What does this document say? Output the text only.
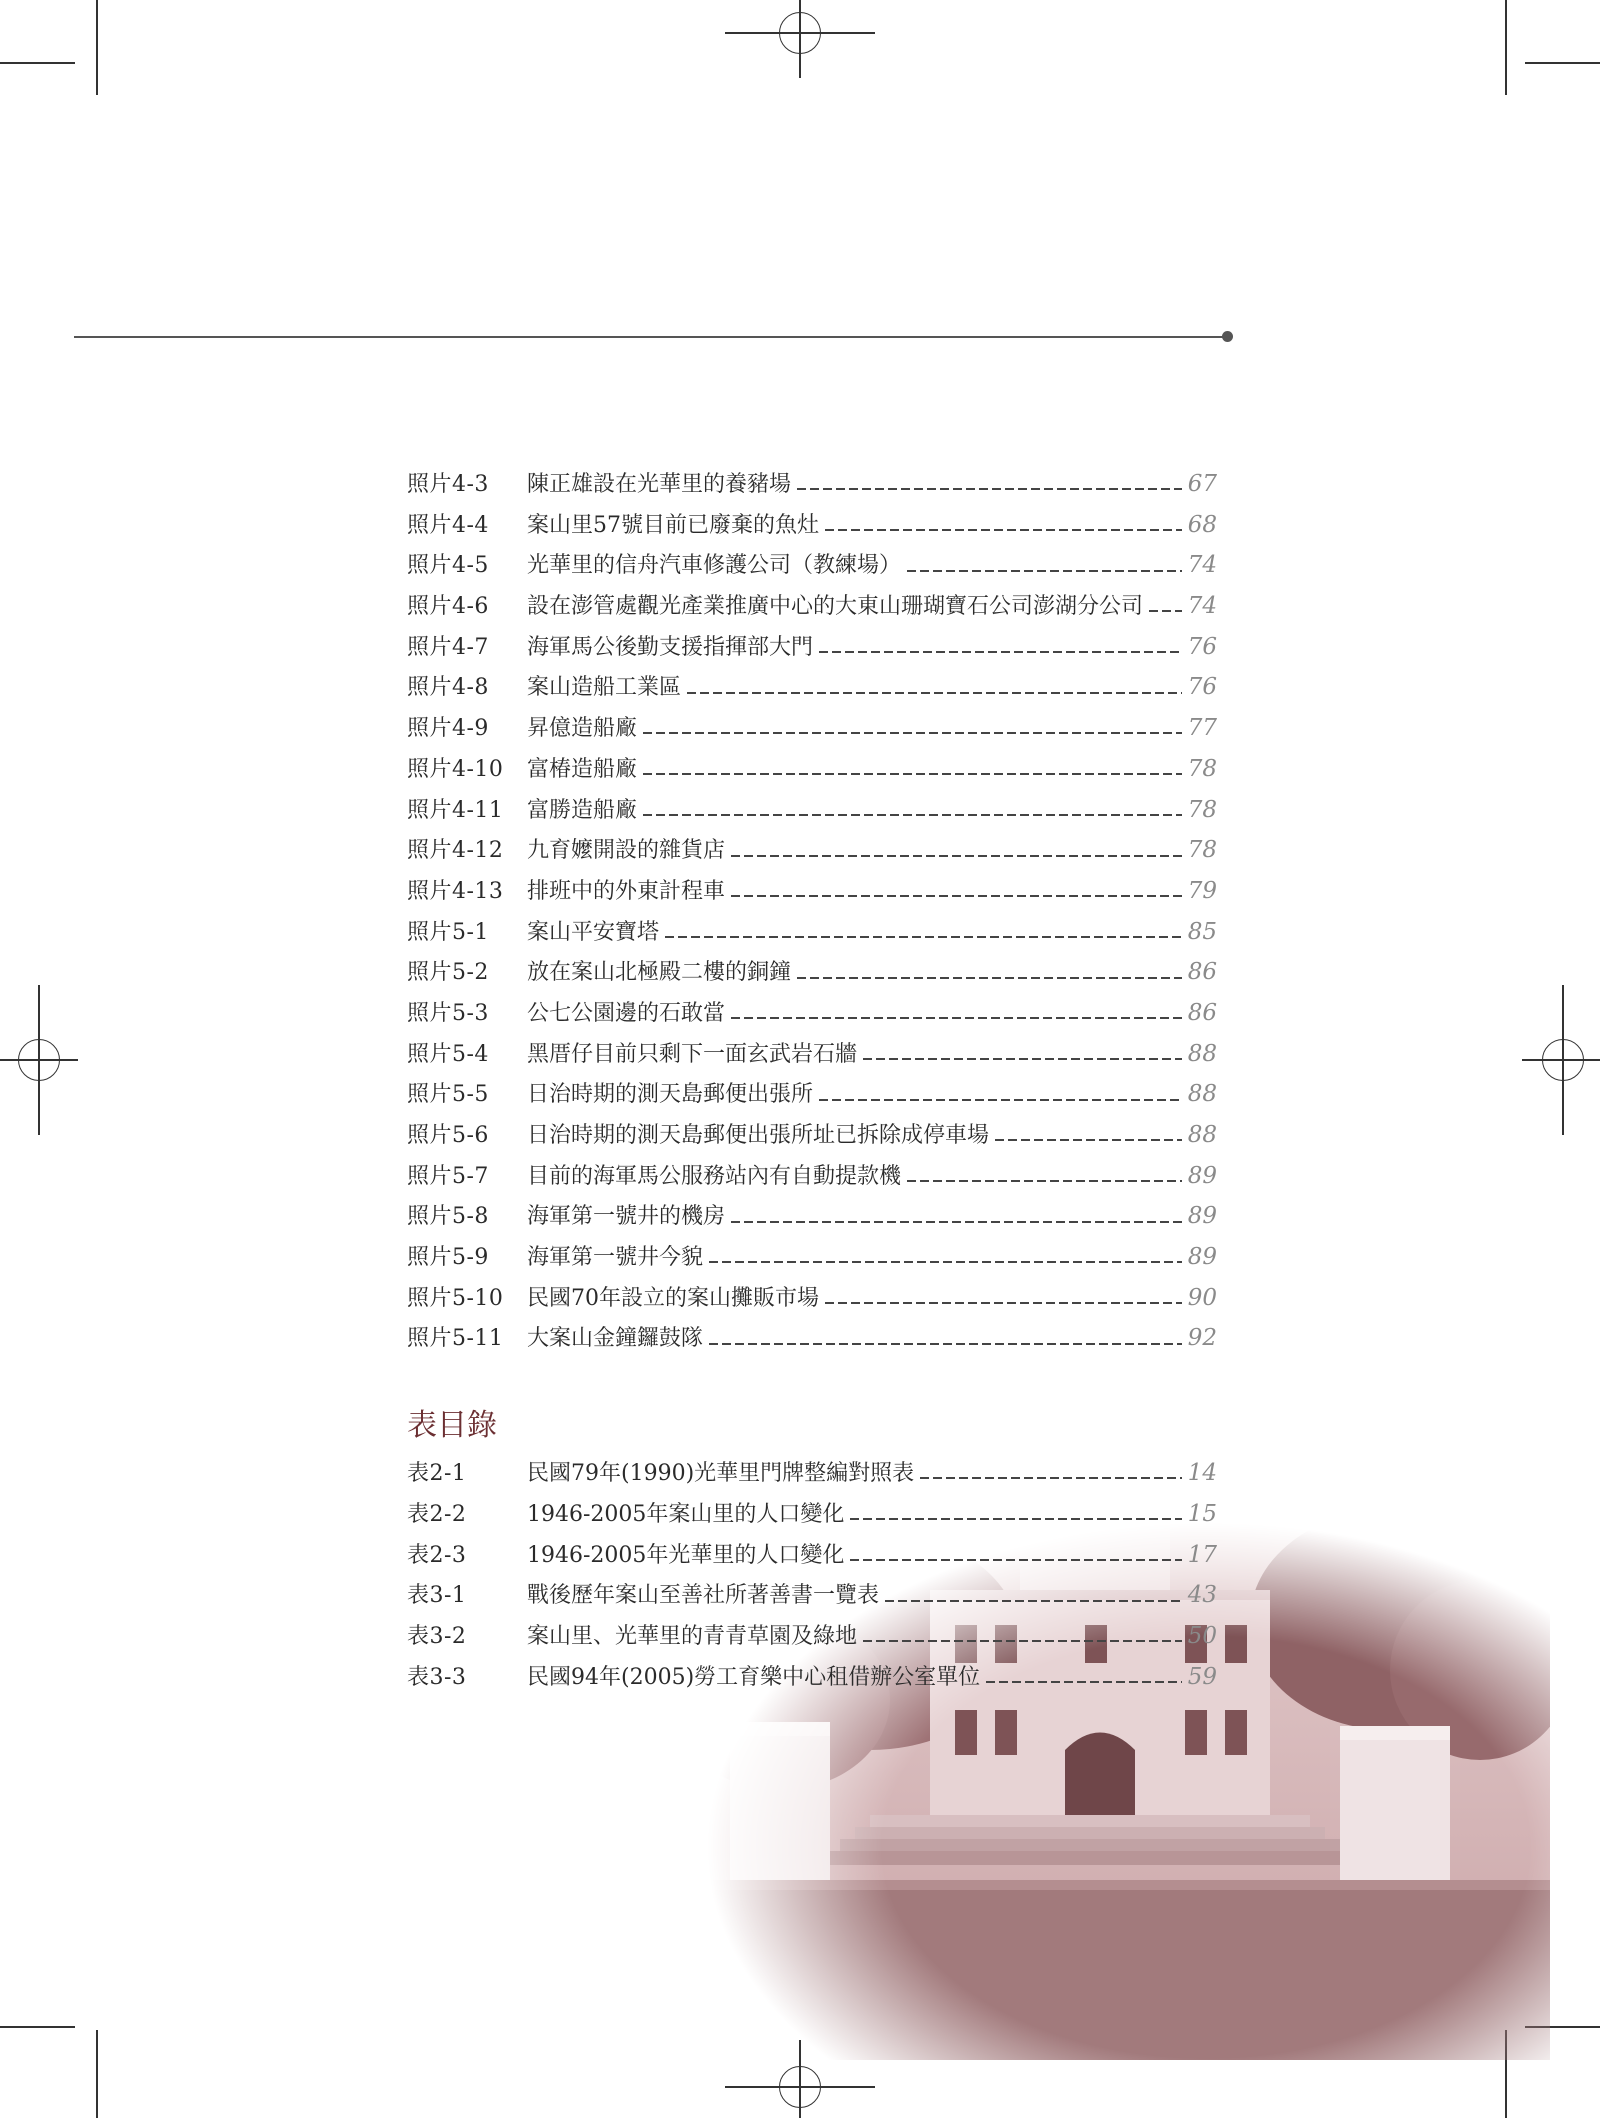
照片4-3	陳正雄設在光華里的養豬場	67
照片4-4	案山里57號目前已廢棄的魚灶	68
照片4-5	光華里的信舟汽車修護公司（教練場）	74
照片4-6	設在澎管處觀光產業推廣中心的大東山珊瑚寶石公司澎湖分公司 74
照片4-7	海軍馬公後勤支援指揮部大門	76
照片4-8	案山造船工業區	76
照片4-9	昇億造船廠	77
照片4-10	富椿造船廠	78
照片4-11	富勝造船廠	78
照片4-12	九育嬤開設的雜貨店	78
照片4-13	排班中的外東計程車	79
照片5-1	案山平安寶塔	85
照片5-2	放在案山北極殿二樓的銅鐘	86
照片5-3	公七公園邊的石敢當	86
照片5-4	黑厝仔目前只剩下一面玄武岩石牆	88
照片5-5	日治時期的測天島郵便出張所	88
照片5-6	日治時期的測天島郵便出張所址已拆除成停車場	88
照片5-7	目前的海軍馬公服務站內有自動提款機	89
照片5-8	海軍第一號井的機房	89
照片5-9	海軍第一號井今貌	89
照片5-10	民國70年設立的案山攤販市場	90
照片5-11	大案山金鐘鑼鼓隊	92
表目錄
表2-1	民國79年(1990)光華里門牌整編對照表	14
表2-2	1946-2005年案山里的人口變化	15
表2-3	1946-2005年光華里的人口變化	17
表3-1	戰後歷年案山至善社所著善書一覽表	43
表3-2	案山里、光華里的青青草園及綠地	50
表3-3	民國94年(2005)勞工育樂中心租借辦公室單位	59
